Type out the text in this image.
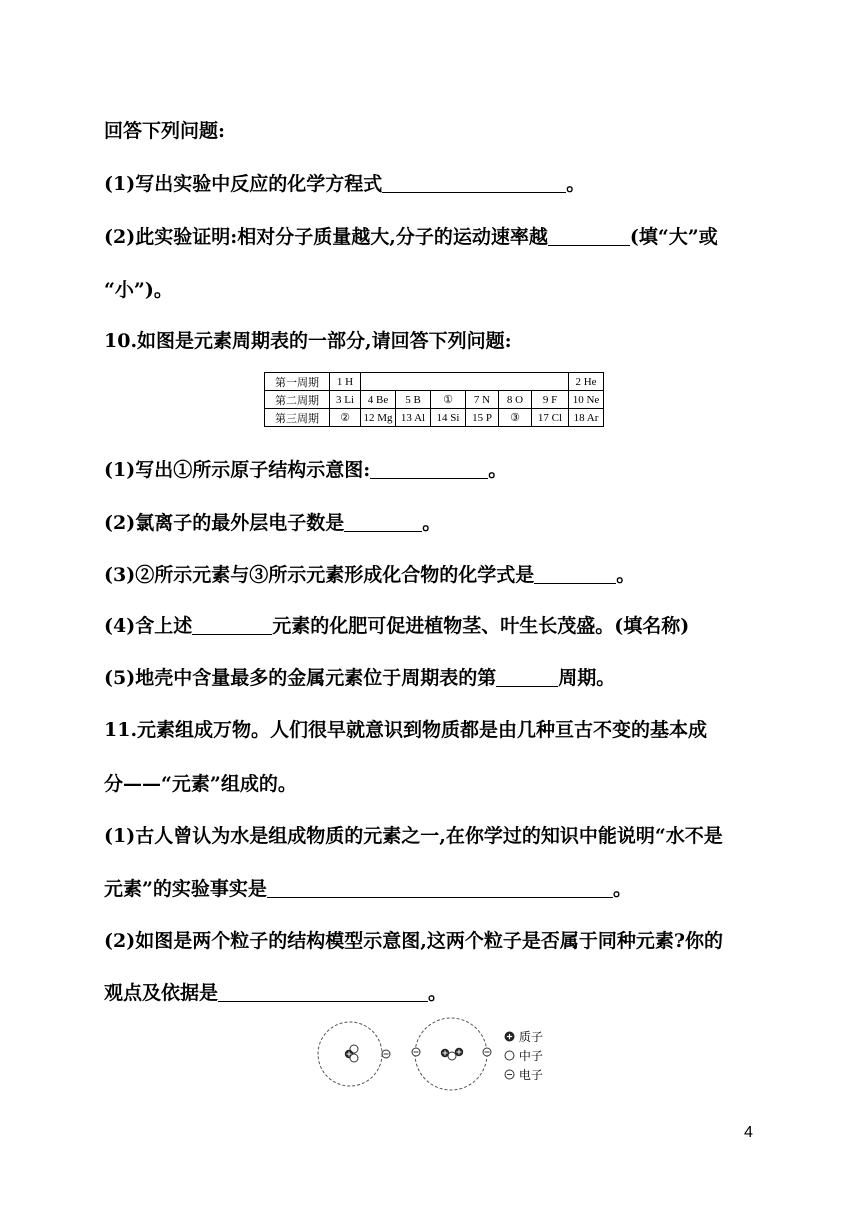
回答下列问题:
(1)写出实验中反应的化学方程式	。
(2)此实验证明:相对分子质量越大,分子的运动速率越	(填“大”或
“小”)。
10.如图是元素周期表的一部分,请回答下列问题:
第一周期	1 H							2 He
第二周期	3 Li	4 Be	5 B	①	7 N	8 O	9 F	10 Ne
第三周期	②	12 Mg	13 Al	14 Si	15 P	③	17 Cl	18 Ar
(1)写出①所示原子结构示意图:	。
(2)氯离子的最外层电子数是	。
(3)②所示元素与③所示元素形成化合物的化学式是	。
(4)含上述	元素的化肥可促进植物茎、叶生长茂盛。(填名称)
(5)地壳中含量最多的金属元素位于周期表的第	周期。
11.元素组成万物。人们很早就意识到物质都是由几种亘古不变的基本成
分——“元素”组成的。
(1)古人曾认为水是组成物质的元素之一,在你学过的知识中能说明“水不是
元素”的实验事实是	。
(2)如图是两个粒子的结构模型示意图,这两个粒子是否属于同种元素?你的
观点及依据是	。
质子
中子
电子
4
